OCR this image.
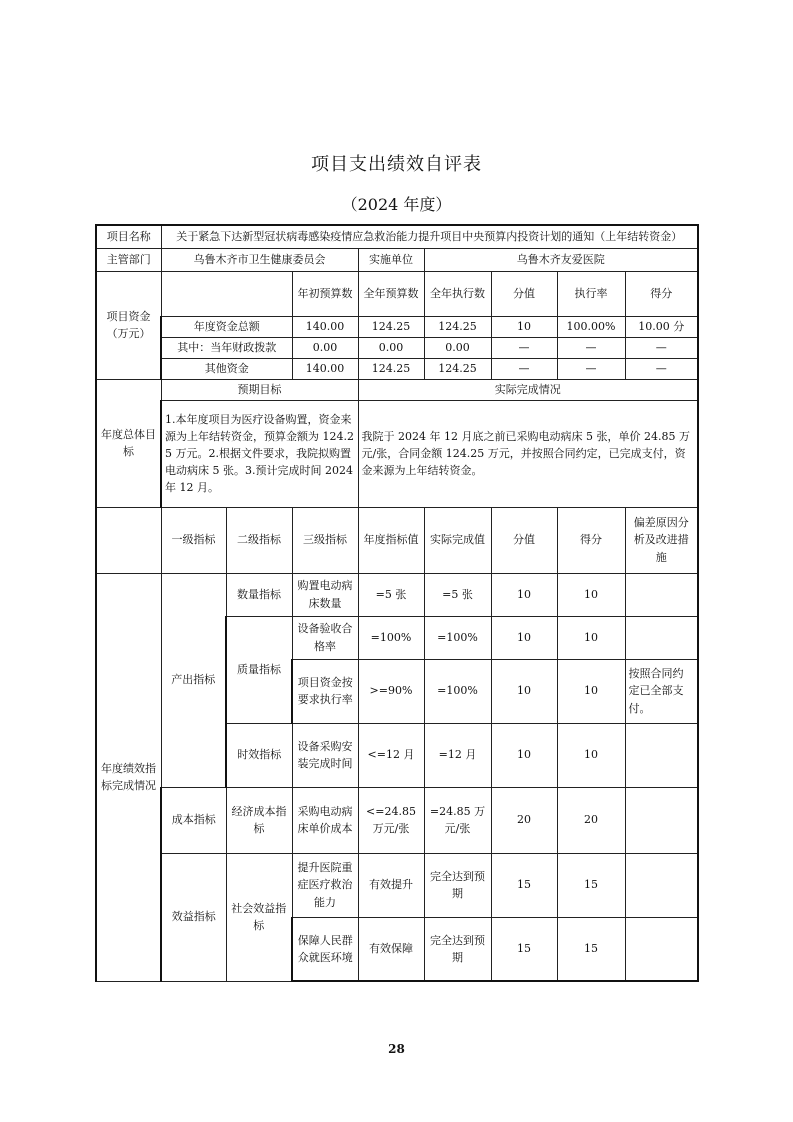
项目支出绩效自评表
（2024 年度）
项目名称	关于紧急下达新型冠状病毒感染疫情应急救治能力提升项目中央预算内投资计划的通知（上年结转资金）							
主管部门	乌鲁木齐市卫生健康委员会			实施单位	乌鲁木齐友爱医院			
项目资金（万元）			年初预算数	全年预算数	全年执行数	分值	执行率	得分
	年度资金总额		140.00	124.25	124.25	10	100.00%	10.00 分
	其中：当年财政拨款		0.00	0.00	0.00	—	—	—
	其他资金		140.00	124.25	124.25	—	—	—
年度总体目标	预期目标			实际完成情况				
	1.本年度项目为医疗设备购置，资金来源为上年结转资金，预算金额为 124.25 万元。2.根据文件要求，我院拟购置电动病床 5 张。3.预计完成时间 2024 年 12 月。			我院于 2024 年 12 月底之前已采购电动病床 5 张，单价 24.85 万元/张，合同金额 124.25 万元，并按照合同约定，已完成支付，资金来源为上年结转资金。				
	一级指标	二级指标	三级指标	年度指标值	实际完成值	分值	得分	偏差原因分析及改进措施
年度绩效指标完成情况	产出指标	数量指标	购置电动病床数量	=5 张	=5 张	10	10	
		质量指标	设备验收合格率	=100%	=100%	10	10	
			项目资金按要求执行率	>=90%	=100%	10	10	按照合同约定已全部支付。
		时效指标	设备采购安装完成时间	<=12 月	=12 月	10	10	
	成本指标	经济成本指标	采购电动病床单价成本	<=24.85 万元/张	=24.85 万元/张	20	20	
	效益指标	社会效益指标	提升医院重症医疗救治能力	有效提升	完全达到预期	15	15	
			保障人民群众就医环境	有效保障	完全达到预期	15	15	
28
